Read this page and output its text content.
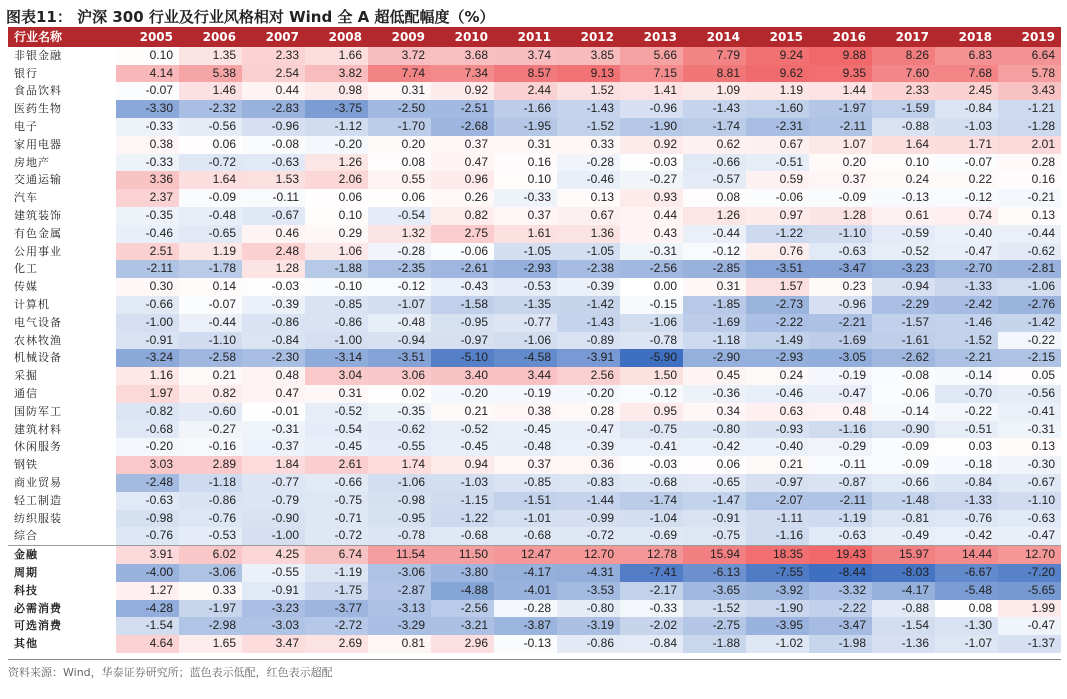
图表11： 沪深 300 行业及行业风格相对 Wind 全 A 超低配幅度（%）
行业名称	2005	2006	2007	2008	2009	2010	2011	2012	2013	2014	2015	2016	2017	2018	2019
非银金融	0.10	1.35	2.33	1.66	3.72	3.68	3.74	3.85	5.66	7.79	9.24	9.88	8.26	6.83	6.64
银行	4.14	5.38	2.54	3.82	7.74	7.34	8.57	9.13	7.15	8.81	9.62	9.35	7.60	7.68	5.78
食品饮料	-0.07	1.46	0.44	0.98	0.31	0.92	2.44	1.52	1.41	1.09	1.19	1.44	2.33	2.45	3.43
医药生物	-3.30	-2.32	-2.83	-3.75	-2.50	-2.51	-1.66	-1.43	-0.96	-1.43	-1.60	-1.97	-1.59	-0.84	-1.21
电子	-0.33	-0.56	-0.96	-1.12	-1.70	-2.68	-1.95	-1.52	-1.90	-1.74	-2.31	-2.11	-0.88	-1.03	-1.28
家用电器	0.38	0.06	-0.08	-0.20	0.20	0.37	0.31	0.33	0.92	0.62	0.67	1.07	1.64	1.71	2.01
房地产	-0.33	-0.72	-0.63	1.26	0.08	0.47	0.16	-0.28	-0.03	-0.66	-0.51	0.20	0.10	-0.07	0.28
交通运输	3.36	1.64	1.53	2.06	0.55	0.96	0.10	-0.46	-0.27	-0.57	0.59	0.37	0.24	0.22	0.16
汽车	2.37	-0.09	-0.11	0.06	0.06	0.26	-0.33	0.13	0.93	0.08	-0.06	-0.09	-0.13	-0.12	-0.21
建筑装饰	-0.35	-0.48	-0.67	0.10	-0.54	0.82	0.37	0.67	0.44	1.26	0.97	1.28	0.61	0.74	0.13
有色金属	-0.46	-0.65	0.46	0.29	1.32	2.75	1.61	1.36	0.43	-0.44	-1.22	-1.10	-0.59	-0.40	-0.44
公用事业	2.51	1.19	2.48	1.06	-0.28	-0.06	-1.05	-1.05	-0.31	-0.12	0.76	-0.63	-0.52	-0.47	-0.62
化工	-2.11	-1.78	1.28	-1.88	-2.35	-2.61	-2.93	-2.38	-2.56	-2.85	-3.51	-3.47	-3.23	-2.70	-2.81
传媒	0.30	0.14	-0.03	-0.10	-0.12	-0.43	-0.53	-0.39	0.00	0.31	1.57	0.23	-0.94	-1.33	-1.06
计算机	-0.66	-0.07	-0.39	-0.85	-1.07	-1.58	-1.35	-1.42	-0.15	-1.85	-2.73	-0.96	-2.29	-2.42	-2.76
电气设备	-1.00	-0.44	-0.86	-0.86	-0.48	-0.95	-0.77	-1.43	-1.06	-1.69	-2.22	-2.21	-1.57	-1.46	-1.42
农林牧渔	-0.91	-1.10	-0.84	-1.00	-0.94	-0.97	-1.06	-0.89	-0.78	-1.18	-1.49	-1.69	-1.61	-1.52	-0.22
机械设备	-3.24	-2.58	-2.30	-3.14	-3.51	-5.10	-4.58	-3.91	-5.90	-2.90	-2.93	-3.05	-2.62	-2.21	-2.15
采掘	1.16	0.21	0.48	3.04	3.06	3.40	3.44	2.56	1.50	0.45	0.24	-0.19	-0.08	-0.14	0.05
通信	1.97	0.82	0.47	0.31	0.02	-0.20	-0.19	-0.20	-0.12	-0.36	-0.46	-0.47	-0.06	-0.70	-0.56
国防军工	-0.82	-0.60	-0.01	-0.52	-0.35	0.21	0.38	0.28	0.95	0.34	0.63	0.48	-0.14	-0.22	-0.41
建筑材料	-0.68	-0.27	-0.31	-0.54	-0.62	-0.52	-0.45	-0.47	-0.75	-0.80	-0.93	-1.16	-0.90	-0.51	-0.31
休闲服务	-0.20	-0.16	-0.37	-0.45	-0.55	-0.45	-0.48	-0.39	-0.41	-0.42	-0.40	-0.29	-0.09	0.03	0.13
钢铁	3.03	2.89	1.84	2.61	1.74	0.94	0.37	0.36	-0.03	0.06	0.21	-0.11	-0.09	-0.18	-0.30
商业贸易	-2.48	-1.18	-0.77	-0.66	-1.06	-1.03	-0.85	-0.83	-0.68	-0.65	-0.97	-0.87	-0.66	-0.84	-0.67
轻工制造	-0.63	-0.86	-0.79	-0.75	-0.98	-1.15	-1.51	-1.44	-1.74	-1.47	-2.07	-2.11	-1.48	-1.33	-1.10
纺织服装	-0.98	-0.76	-0.90	-0.71	-0.95	-1.22	-1.01	-0.99	-1.04	-0.91	-1.11	-1.19	-0.81	-0.76	-0.63
综合	-0.76	-0.53	-1.00	-0.72	-0.78	-0.68	-0.68	-0.72	-0.69	-0.75	-1.16	-0.63	-0.49	-0.42	-0.47
金融	3.91	6.02	4.25	6.74	11.54	11.50	12.47	12.70	12.78	15.94	18.35	19.43	15.97	14.44	12.70
周期	-4.00	-3.06	-0.55	-1.19	-3.06	-3.80	-4.17	-4.31	-7.41	-6.13	-7.55	-8.44	-8.03	-6.67	-7.20
科技	1.27	0.33	-0.91	-1.75	-2.87	-4.88	-4.01	-3.53	-2.17	-3.65	-3.92	-3.32	-4.17	-5.48	-5.65
必需消费	-4.28	-1.97	-3.23	-3.77	-3.13	-2.56	-0.28	-0.80	-0.33	-1.52	-1.90	-2.22	-0.88	0.08	1.99
可选消费	-1.54	-2.98	-3.03	-2.72	-3.29	-3.21	-3.87	-3.19	-2.02	-2.75	-3.95	-3.47	-1.54	-1.30	-0.47
其他	4.64	1.65	3.47	2.69	0.81	2.96	-0.13	-0.86	-0.84	-1.88	-1.02	-1.98	-1.36	-1.07	-1.37
资料来源：Wind，华泰证券研究所；蓝色表示低配，红色表示超配
